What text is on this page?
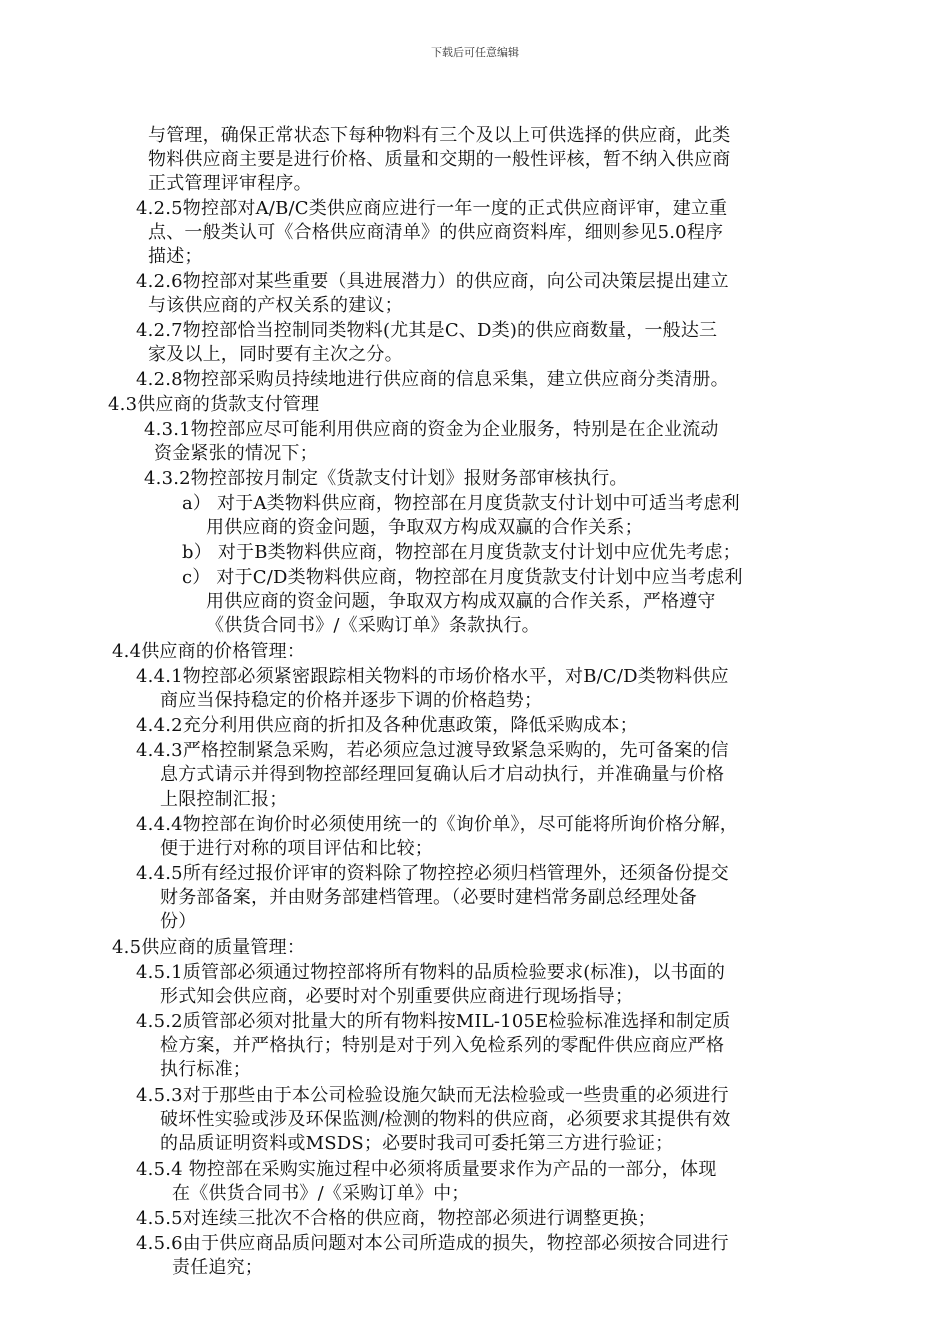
下载后可任意编辑
与管理，确保正常状态下每种物料有三个及以上可供选择的供应商，此类
物料供应商主要是进行价格、质量和交期的一般性评核，暂不纳入供应商
正式管理评审程序。
4.2.5物控部对A/B/C类供应商应进行一年一度的正式供应商评审，建立重
点、一般类认可《合格供应商清单》的供应商资料库，细则参见5.0程序
描述；
4.2.6物控部对某些重要（具进展潜力）的供应商，向公司决策层提出建立
与该供应商的产权关系的建议；
4.2.7物控部恰当控制同类物料(尤其是C、D类)的供应商数量，一般达三
家及以上，同时要有主次之分。
4.2.8物控部采购员持续地进行供应商的信息采集，建立供应商分类清册。
4.3供应商的货款支付管理
4.3.1物控部应尽可能利用供应商的资金为企业服务，特别是在企业流动
资金紧张的情况下；
4.3.2物控部按月制定《货款支付计划》报财务部审核执行。
a） 对于A类物料供应商，物控部在月度货款支付计划中可适当考虑利
用供应商的资金问题，争取双方构成双赢的合作关系；
b） 对于B类物料供应商，物控部在月度货款支付计划中应优先考虑；
c） 对于C/D类物料供应商，物控部在月度货款支付计划中应当考虑利
用供应商的资金问题，争取双方构成双赢的合作关系，严格遵守
《供货合同书》/《采购订单》条款执行。
4.4供应商的价格管理：
4.4.1物控部必须紧密跟踪相关物料的市场价格水平，对B/C/D类物料供应
商应当保持稳定的价格并逐步下调的价格趋势；
4.4.2充分利用供应商的折扣及各种优惠政策，降低采购成本；
4.4.3严格控制紧急采购，若必须应急过渡导致紧急采购的，先可备案的信
息方式请示并得到物控部经理回复确认后才启动执行，并准确量与价格
上限控制汇报；
4.4.4物控部在询价时必须使用统一的《询价单》，尽可能将所询价格分解，
便于进行对称的项目评估和比较；
4.4.5所有经过报价评审的资料除了物控控必须归档管理外，还须备份提交
财务部备案，并由财务部建档管理。（必要时建档常务副总经理处备
份）
4.5供应商的质量管理：
4.5.1质管部必须通过物控部将所有物料的品质检验要求(标准)，以书面的
形式知会供应商，必要时对个别重要供应商进行现场指导；
4.5.2质管部必须对批量大的所有物料按MIL-105E检验标准选择和制定质
检方案，并严格执行；特别是对于列入免检系列的零配件供应商应严格
执行标准；
4.5.3对于那些由于本公司检验设施欠缺而无法检验或一些贵重的必须进行
破坏性实验或涉及环保监测/检测的物料的供应商，必须要求其提供有效
的品质证明资料或MSDS；必要时我司可委托第三方进行验证；
4.5.4 物控部在采购实施过程中必须将质量要求作为产品的一部分，体现
在《供货合同书》/《采购订单》中；
4.5.5对连续三批次不合格的供应商，物控部必须进行调整更换；
4.5.6由于供应商品质问题对本公司所造成的损失，物控部必须按合同进行
责任追究；
